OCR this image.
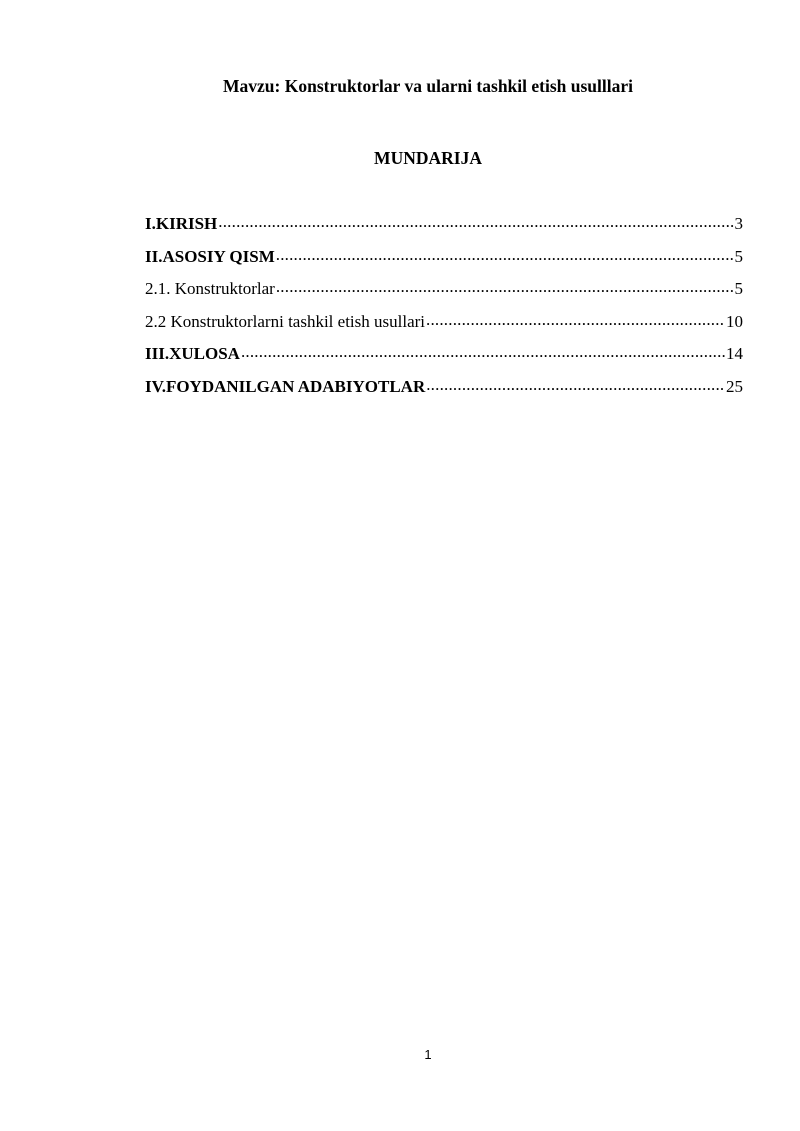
Mavzu: Konstruktorlar va ularni tashkil etish usulllari
MUNDARIJA
I.KIRISH .....	3
II.ASOSIY QISM .....	5
2.1. Konstruktorlar .....	5
2.2 Konstruktorlarni tashkil etish usullari .....	10
III.XULOSA .....	14
IV.FOYDANILGAN ADABIYOTLAR .....	25
1
